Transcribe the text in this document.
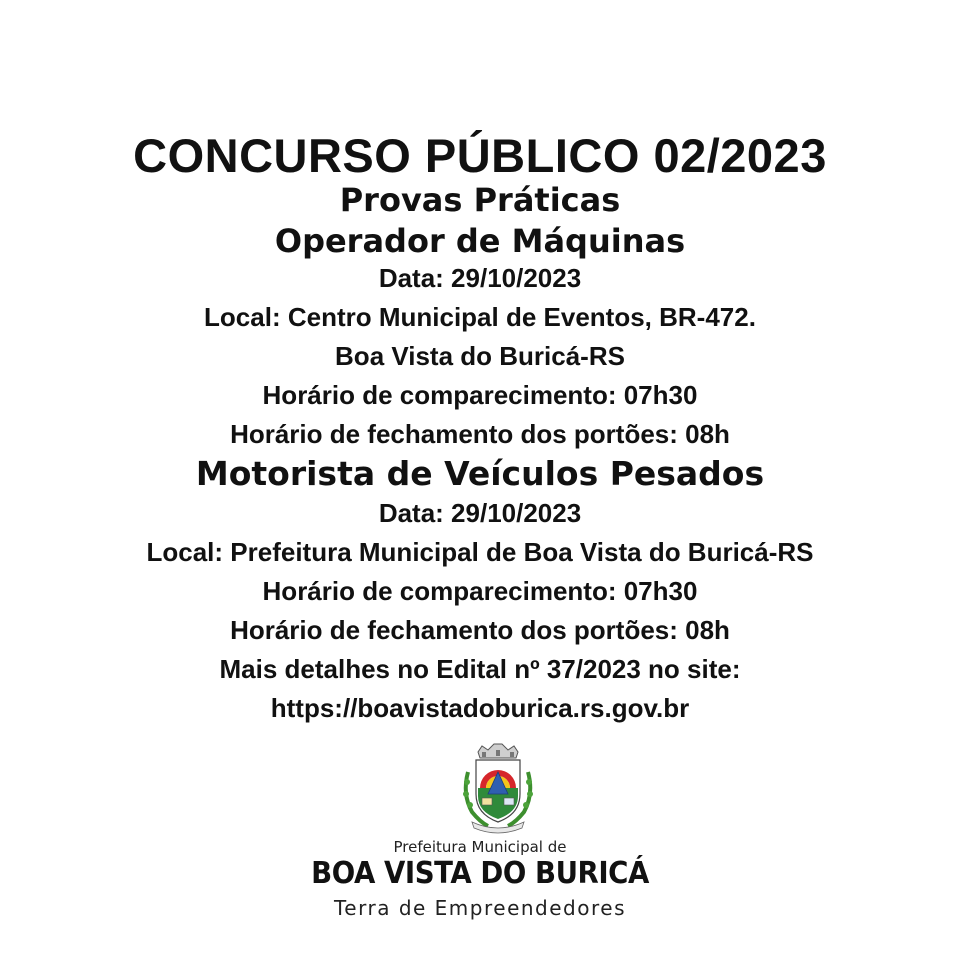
CONCURSO PÚBLICO 02/2023
Provas Práticas
Operador de Máquinas
Data: 29/10/2023
Local: Centro Municipal de Eventos, BR-472.
Boa Vista do Buricá-RS
Horário de comparecimento: 07h30
Horário de fechamento dos portões: 08h
Motorista de Veículos Pesados
Data: 29/10/2023
Local: Prefeitura Municipal de Boa Vista do Buricá-RS
Horário de comparecimento: 07h30
Horário de fechamento dos portões: 08h
Mais detalhes no Edital nº 37/2023 no site:
https://boavistadoburica.rs.gov.br
Prefeitura Municipal de
BOA VISTA DO BURICÁ
Terra de Empreendedores
